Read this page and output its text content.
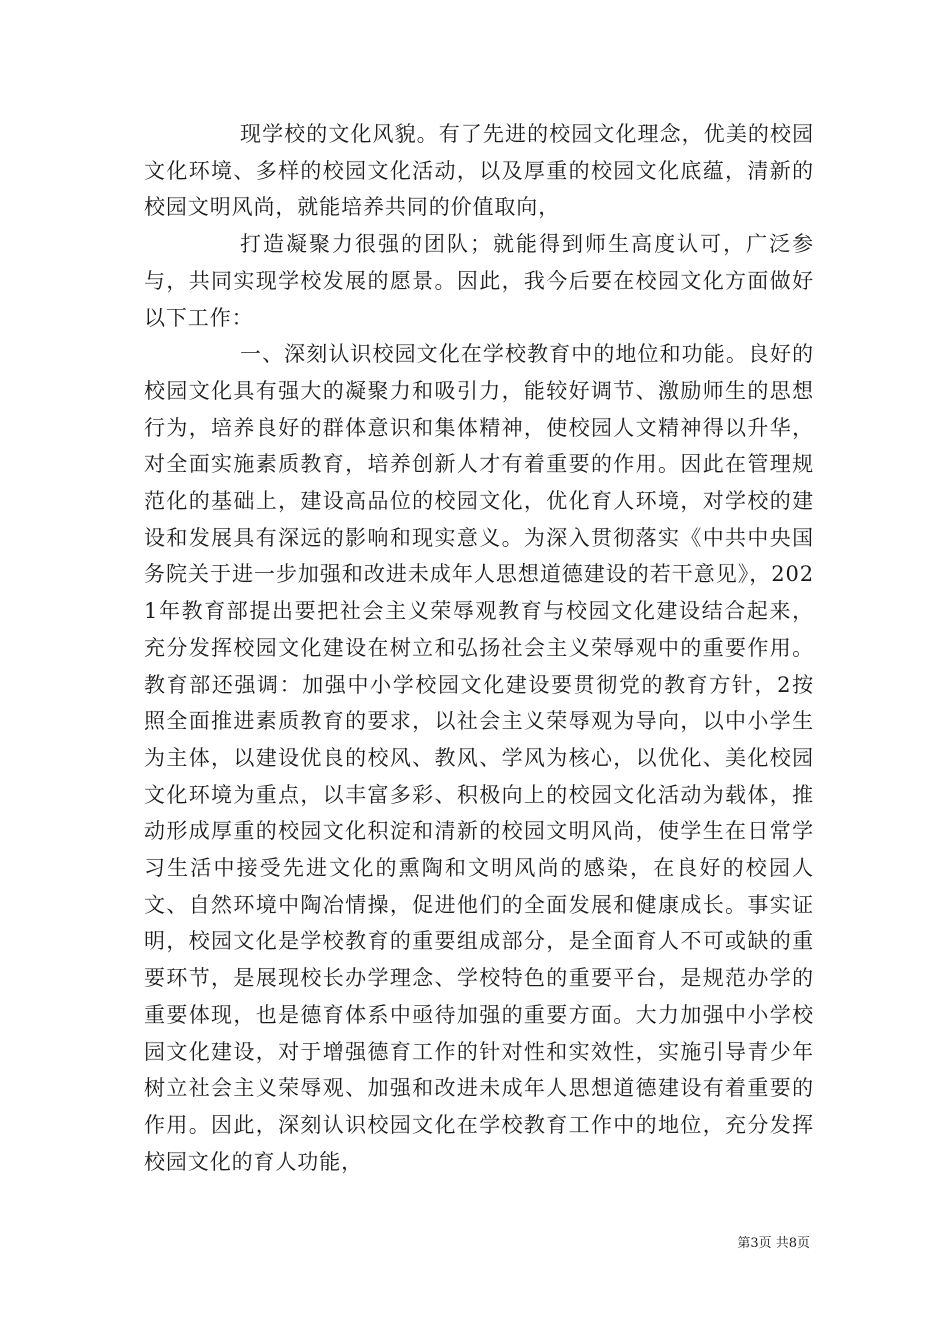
现学校的文化风貌。有了先进的校园文化理念，优美的校园文化环境、多样的校园文化活动，以及厚重的校园文化底蕴，清新的校园文明风尚，就能培养共同的价值取向，

打造凝聚力很强的团队；就能得到师生高度认可，广泛参与，共同实现学校发展的愿景。因此，我今后要在校园文化方面做好以下工作：

一、深刻认识校园文化在学校教育中的地位和功能。良好的校园文化具有强大的凝聚力和吸引力，能较好调节、激励师生的思想行为，培养良好的群体意识和集体精神，使校园人文精神得以升华，对全面实施素质教育，培养创新人才有着重要的作用。因此在管理规范化的基础上，建设高品位的校园文化，优化育人环境，对学校的建设和发展具有深远的影响和现实意义。为深入贯彻落实《中共中央国务院关于进一步加强和改进未成年人思想道德建设的若干意见》，2021年教育部提出要把社会主义荣辱观教育与校园文化建设结合起来，充分发挥校园文化建设在树立和弘扬社会主义荣辱观中的重要作用。教育部还强调：加强中小学校园文化建设要贯彻党的教育方针，2按照全面推进素质教育的要求，以社会主义荣辱观为导向，以中小学生为主体，以建设优良的校风、教风、学风为核心，以优化、美化校园文化环境为重点，以丰富多彩、积极向上的校园文化活动为载体，推动形成厚重的校园文化积淀和清新的校园文明风尚，使学生在日常学习生活中接受先进文化的熏陶和文明风尚的感染，在良好的校园人文、自然环境中陶冶情操，促进他们的全面发展和健康成长。事实证明，校园文化是学校教育的重要组成部分，是全面育人不可或缺的重要环节，是展现校长办学理念、学校特色的重要平台，是规范办学的重要体现，也是德育体系中亟待加强的重要方面。大力加强中小学校园文化建设，对于增强德育工作的针对性和实效性，实施引导青少年树立社会主义荣辱观、加强和改进未成年人思想道德建设有着重要的作用。因此，深刻认识校园文化在学校教育工作中的地位，充分发挥校园文化的育人功能，

第3页 共8页
